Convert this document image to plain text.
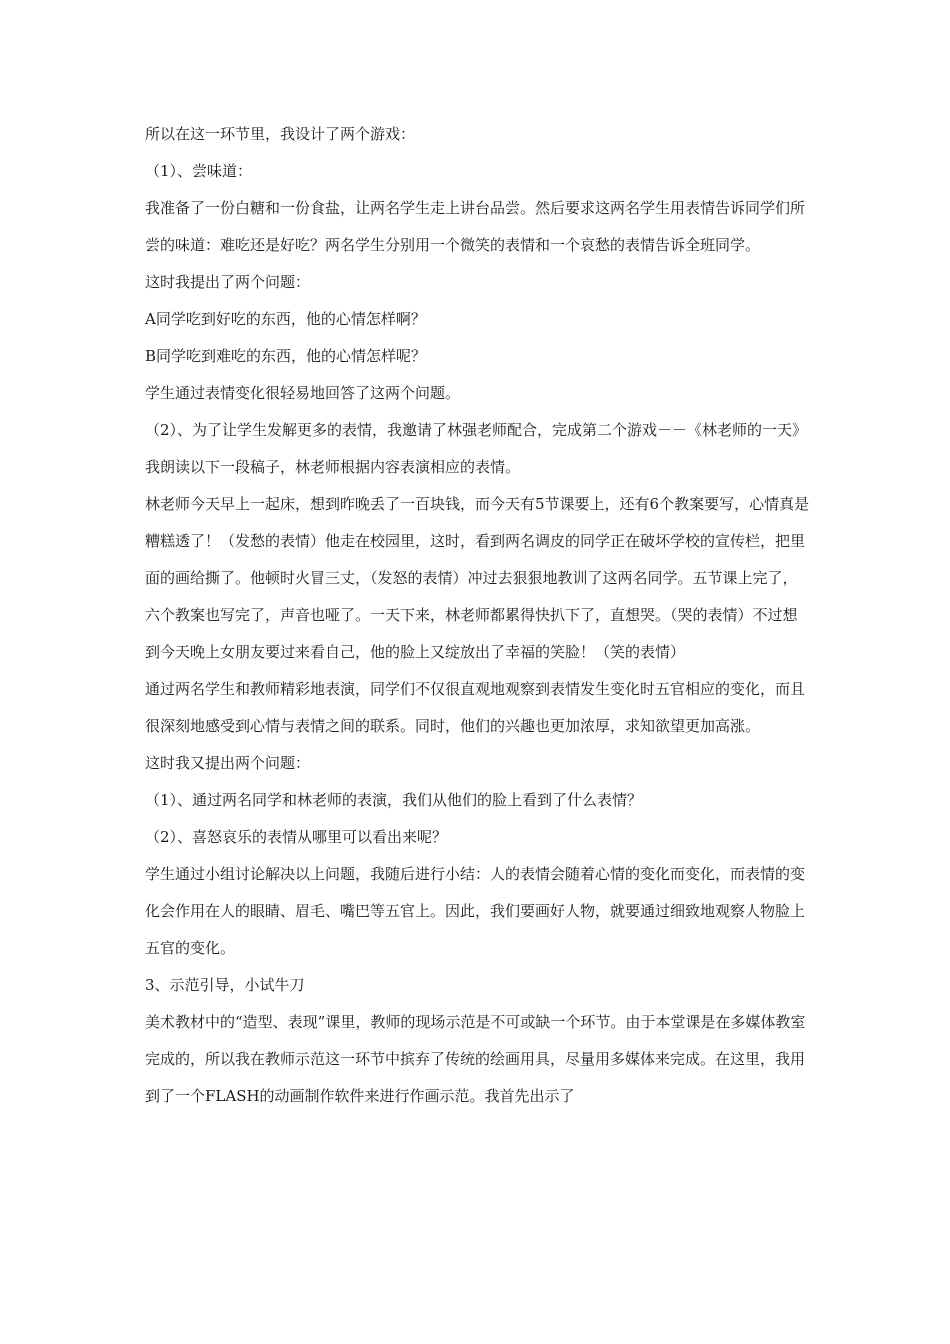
所以在这一环节里，我设计了两个游戏：

（1）、尝味道：

我准备了一份白糖和一份食盐，让两名学生走上讲台品尝。然后要求这两名学生用表情告诉同学们所尝的味道：难吃还是好吃？两名学生分别用一个微笑的表情和一个哀愁的表情告诉全班同学。

这时我提出了两个问题：

A同学吃到好吃的东西，他的心情怎样啊？

B同学吃到难吃的东西，他的心情怎样呢？

学生通过表情变化很轻易地回答了这两个问题。

（2）、为了让学生发解更多的表情，我邀请了林强老师配合，完成第二个游戏－－《林老师的一天》

我朗读以下一段稿子，林老师根据内容表演相应的表情。

林老师今天早上一起床，想到昨晚丢了一百块钱，而今天有5节课要上，还有6个教案要写，心情真是糟糕透了！（发愁的表情）他走在校园里，这时，看到两名调皮的同学正在破坏学校的宣传栏，把里面的画给撕了。他顿时火冒三丈，（发怒的表情）冲过去狠狠地教训了这两名同学。五节课上完了，六个教案也写完了，声音也哑了。一天下来，林老师都累得快扒下了，直想哭。（哭的表情）不过想到今天晚上女朋友要过来看自己，他的脸上又绽放出了幸福的笑脸！（笑的表情）

通过两名学生和教师精彩地表演，同学们不仅很直观地观察到表情发生变化时五官相应的变化，而且很深刻地感受到心情与表情之间的联系。同时，他们的兴趣也更加浓厚，求知欲望更加高涨。

这时我又提出两个问题：

（1）、通过两名同学和林老师的表演，我们从他们的脸上看到了什么表情？

（2）、喜怒哀乐的表情从哪里可以看出来呢？

学生通过小组讨论解决以上问题，我随后进行小结：人的表情会随着心情的变化而变化，而表情的变化会作用在人的眼睛、眉毛、嘴巴等五官上。因此，我们要画好人物，就要通过细致地观察人物脸上五官的变化。

3、示范引导，小试牛刀

美术教材中的“造型、表现”课里，教师的现场示范是不可或缺一个环节。由于本堂课是在多媒体教室完成的，所以我在教师示范这一环节中摈弃了传统的绘画用具，尽量用多媒体来完成。在这里，我用到了一个FLASH的动画制作软件来进行作画示范。我首先出示了
